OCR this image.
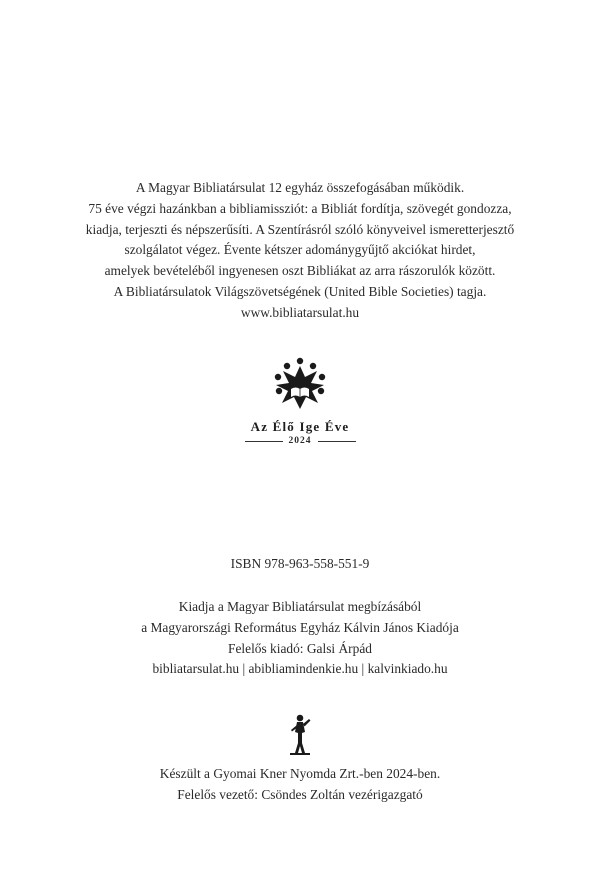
A Magyar Bibliatársulat 12 egyház összefogásában működik.
75 éve végzi hazánkban a bibliamissziót: a Bibliát fordítja, szövegét gondozza,
kiadja, terjeszti és népszerűsíti. A Szentírásról szóló könyveivel ismeretterjesztő
szolgálatot végez. Évente kétszer adománygyűjtő akciókat hirdet,
amelyek bevételéből ingyenesen oszt Bibliákat az arra rászorulók között.
A Bibliatársulatok Világszövetségének (United Bible Societies) tagja.
www.bibliatarsulat.hu
Az Élő Ige Éve
2024
ISBN 978-963-558-551-9
Kiadja a Magyar Bibliatársulat megbízásából
a Magyarországi Református Egyház Kálvin János Kiadója
Felelős kiadó: Galsi Árpád
bibliatarsulat.hu | abibliamindenkie.hu | kalvinkiado.hu
Készült a Gyomai Kner Nyomda Zrt.-ben 2024-ben.
Felelős vezető: Csöndes Zoltán vezérigazgató
